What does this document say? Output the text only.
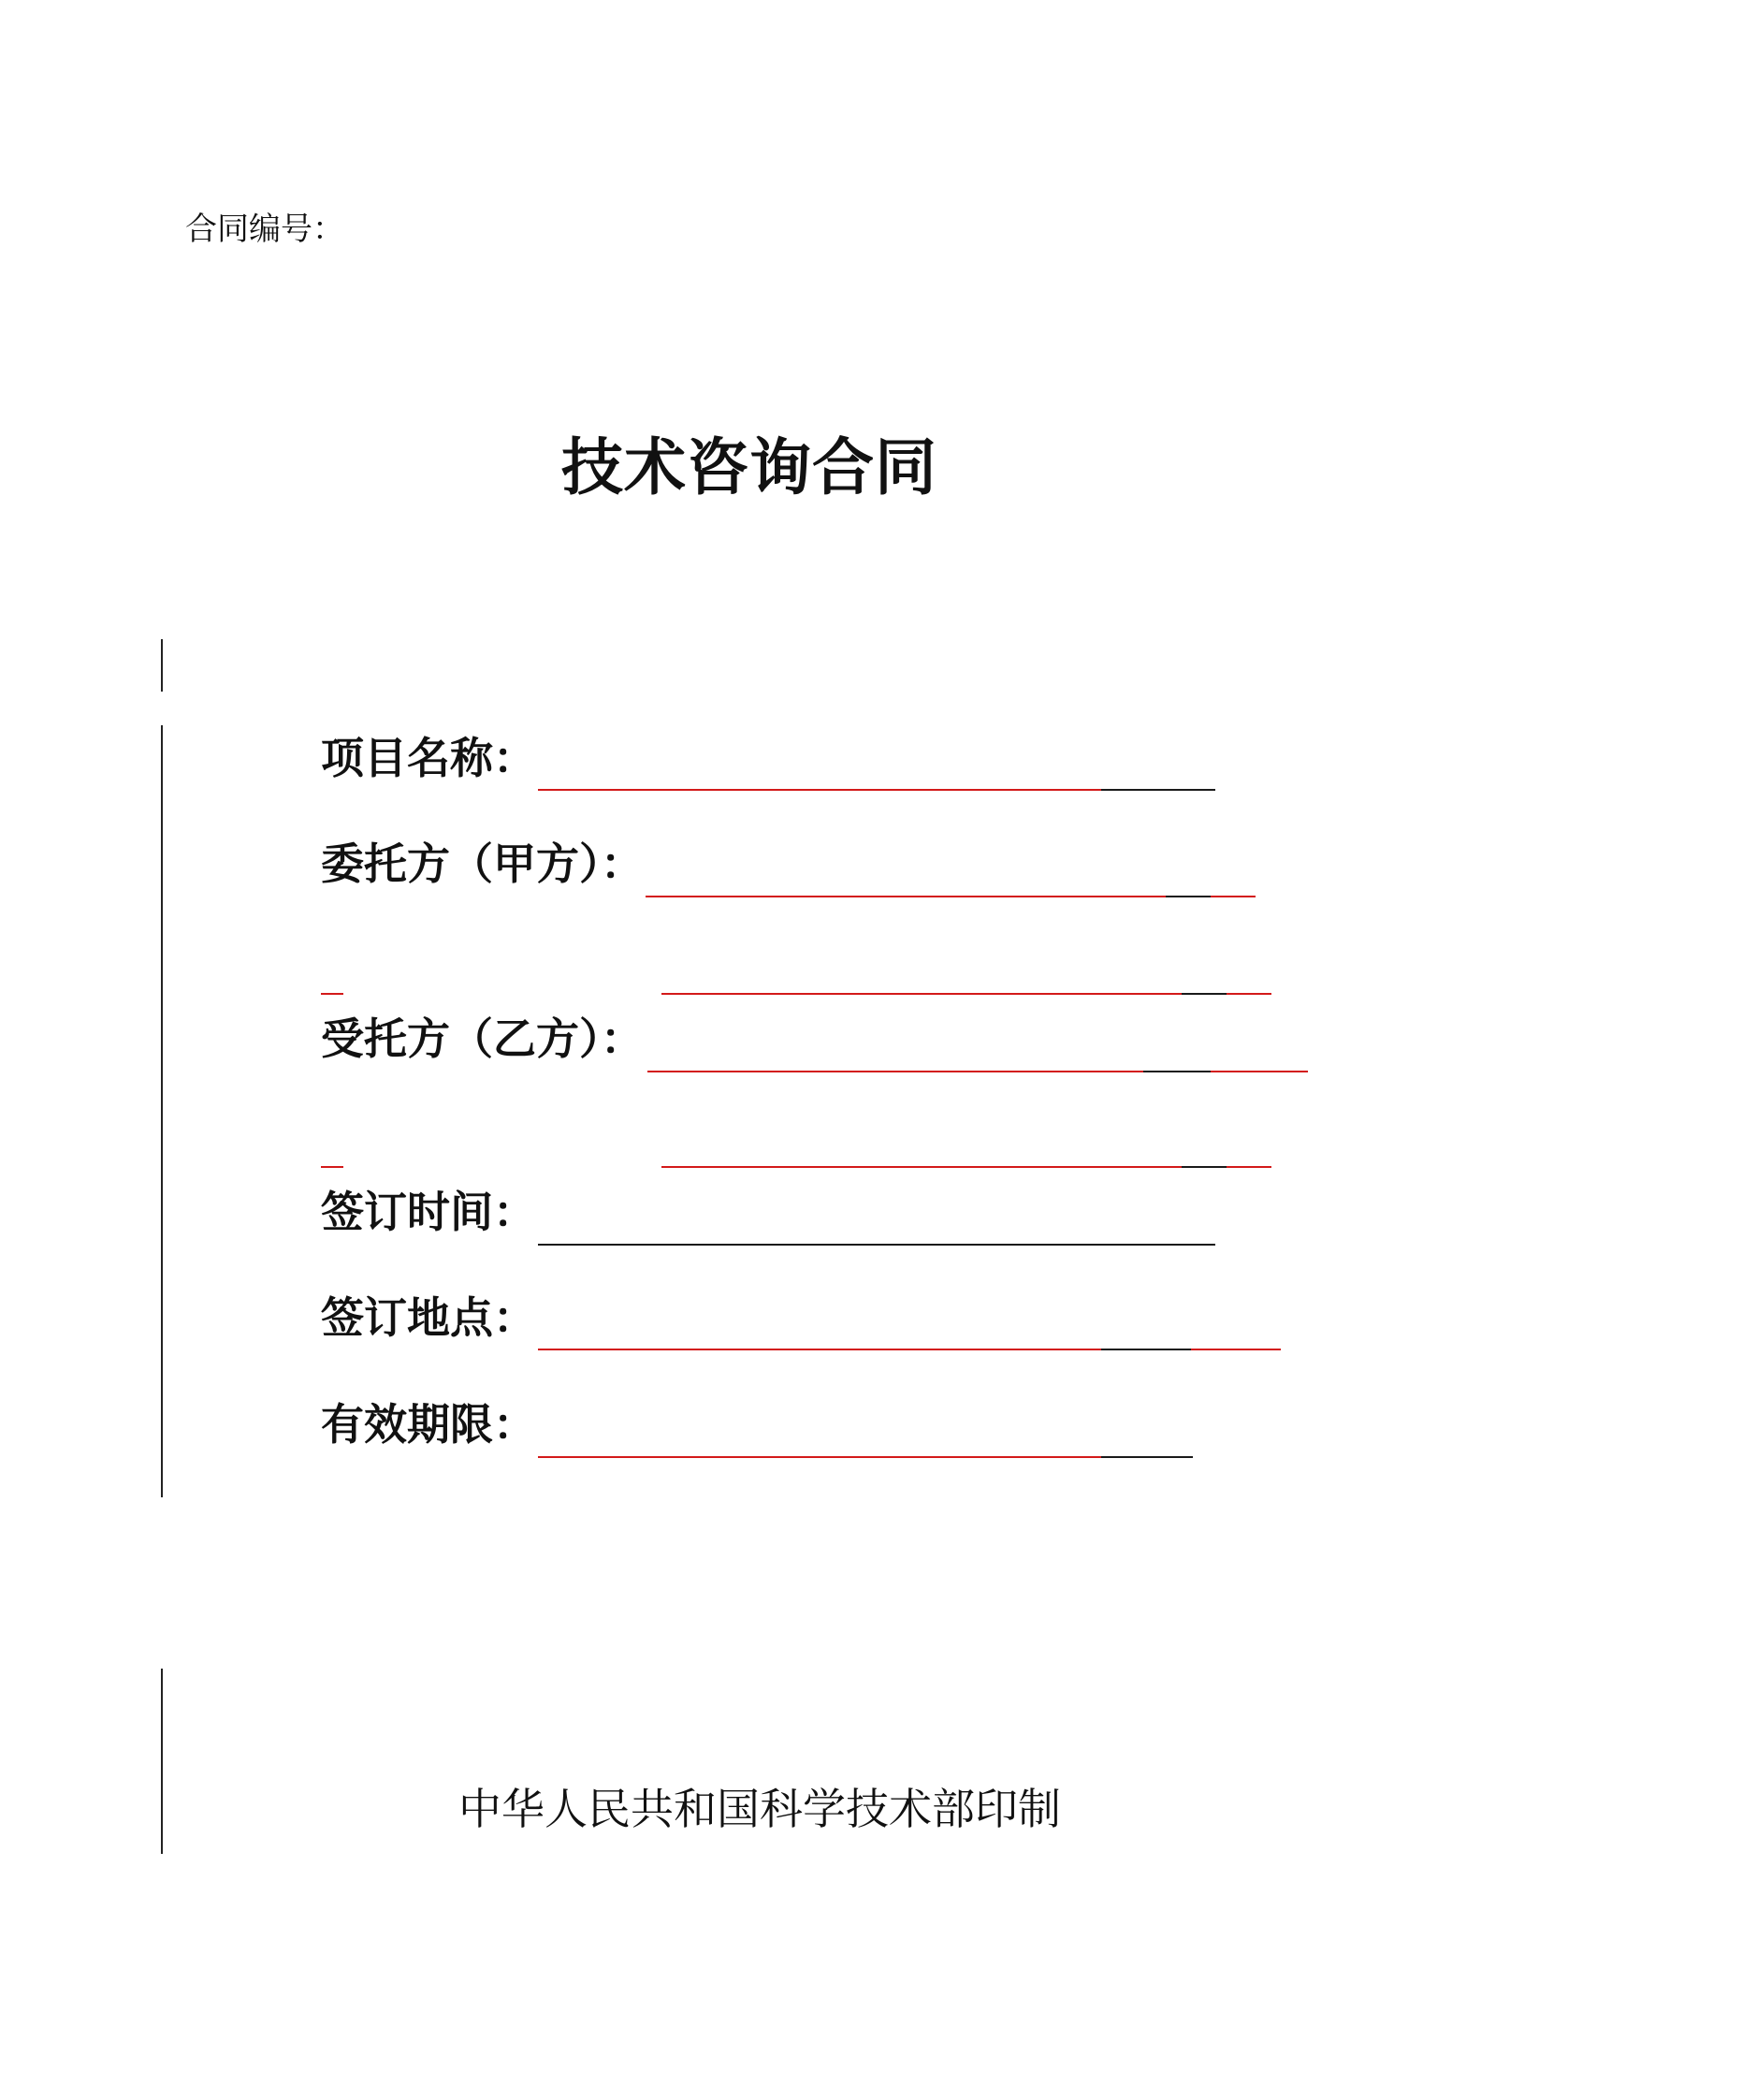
合同编号：
技术咨询合同
项目名称：
委托方（甲方）：
受托方（乙方）：
签订时间：
签订地点：
有效期限：
中华人民共和国科学技术部印制
